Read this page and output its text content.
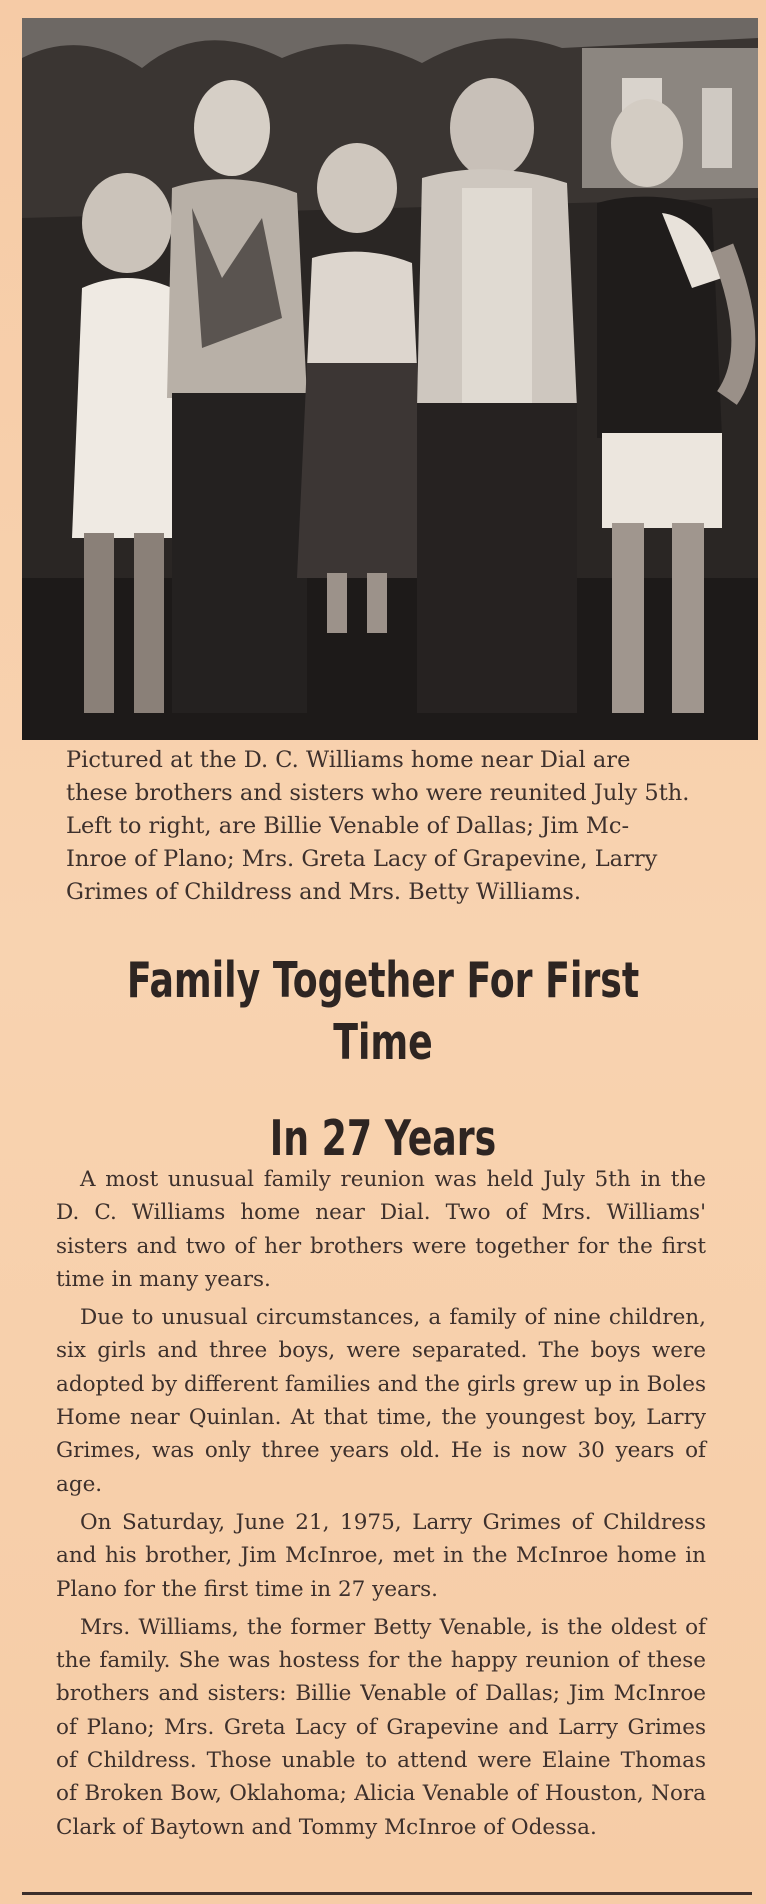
Pictured at the D. C. Williams home near Dial are

these brothers and sisters who were reunited July 5th.

Left to right, are Billie Venable of Dallas; Jim Mc-

Inroe of Plano; Mrs. Greta Lacy of Grapevine, Larry

Grimes of Childress and Mrs. Betty Williams.

Family Together For First Time
In 27 Years

A most unusual family reunion was held July 5th in the D. C. Williams home near Dial. Two of Mrs. Williams' sisters and two of her brothers were together for the first time in many years.

Due to unusual circumstances, a family of nine children, six girls and three boys, were separated. The boys were adopted by different families and the girls grew up in Boles Home near Quinlan. At that time, the youngest boy, Larry Grimes, was only three years old. He is now 30 years of age.

On Saturday, June 21, 1975, Larry Grimes of Childress and his brother, Jim McInroe, met in the McInroe home in Plano for the first time in 27 years.

Mrs. Williams, the former Betty Venable, is the oldest of the family. She was hostess for the happy reunion of these brothers and sisters: Billie Venable of Dallas; Jim McInroe of Plano; Mrs. Greta Lacy of Grapevine and Larry Grimes of Childress. Those unable to attend were Elaine Thomas of Broken Bow, Oklahoma; Alicia Venable of Houston, Nora Clark of Baytown and Tommy McInroe of Odessa.
